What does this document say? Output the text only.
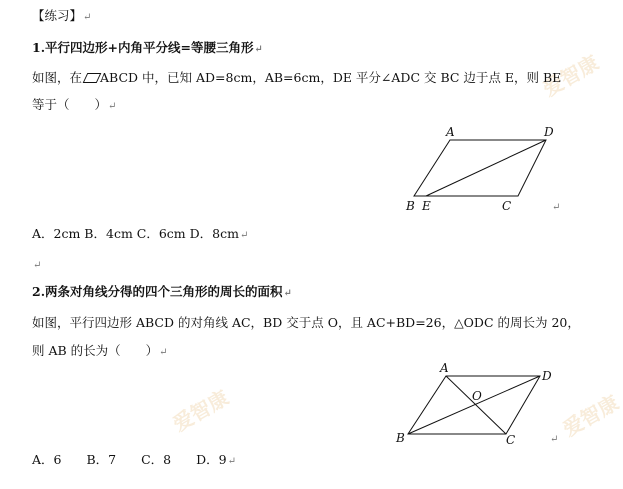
爱智康
爱智康	爱智康
【练习】↵
1.平行四边形+内角平分线=等腰三角形↵
如图，在 ABCD 中，已知 AD=8cm，AB=6cm，DE 平分∠ADC 交 BC 边于点 E，则 BE
等于（　　）↵
A	D
B E	C	↵
A．2cm B．4cm C．6cm D．8cm↵
↵
2.两条对角线分得的四个三角形的周长的面积↵
如图，平行四边形 ABCD 的对角线 AC，BD 交于点 O，且 AC+BD=26，△ODC 的周长为 20，
则 AB 的长为（　　）↵
A
D
B	C
O
↵
A．6　　B．7　　C．8　　D．9↵
